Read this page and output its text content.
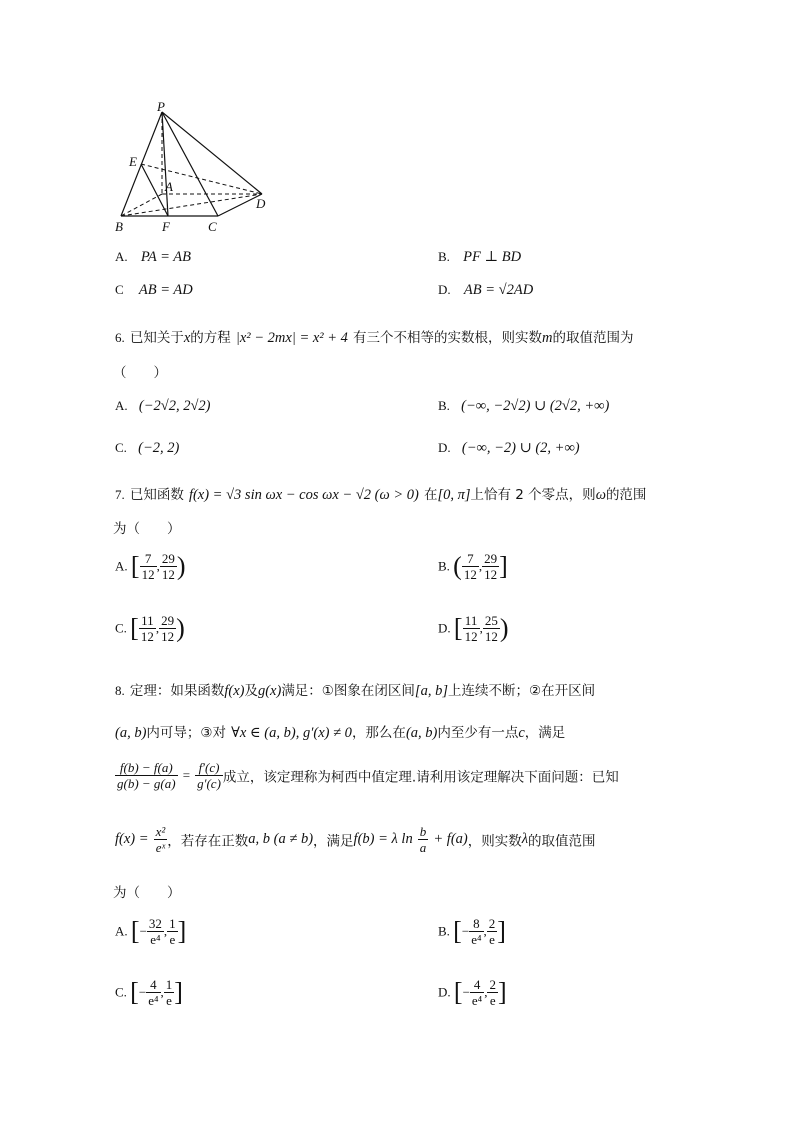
P
E
A
B	F	C
D
A. PA = AB	B. PF ⊥ BD
C AB = AD	D. AB = √2AD
6. 已知关于x的方程 |x² − 2mx| = x² + 4 有三个不相等的实数根，则实数m的取值范围为
（　　）
A. (−2√2, 2√2)	B. (−∞, −2√2) ∪ (2√2, +∞)
C. (−2, 2)	D. (−∞, −2) ∪ (2, +∞)
7. 已知函数 f(x) = √3 sin ωx − cos ωx − √2 (ω > 0) 在[0, π]上恰有 2 个零点，则ω的范围
为（　　）
A. [ $\frac{7}{12}$ , $\frac{29}{12}$ )	B. ( $\frac{7}{12}$ , $\frac{29}{12}$ ]
C. [ $\frac{11}{12}$ , $\frac{29}{12}$ )	D. [ $\frac{11}{12}$ , $\frac{25}{12}$ )
8. 定理：如果函数f(x)及g(x)满足：①图象在闭区间[a, b]上连续不断；②在开区间
(a, b)内可导；③对 ∀x ∈ (a, b), g′(x) ≠ 0，那么在(a, b)内至少有一点c，满足
$\frac{f(b) - f(a)}{g(b) - g(a)} = \frac{f'(c)}{g'(c)}$ 成立，该定理称为柯西中值定理.请利用该定理解决下面问题：已知
$f(x) = \frac{\text{x²}}{\text{eˣ}}$ ，若存在正数a, b (a ≠ b)，满足f(b) = λ $\ln \frac{b}{a} + f(a)$，则实数λ的取值范围
为（　　）
A. [− $\frac{32}{\text{e⁴}}$ , $\frac{1}{e}$ ]	B. [− $\frac{8}{\text{e⁴}}$ , $\frac{2}{e}$ ]
C. [− $\frac{4}{\text{e⁴}}$ , $\frac{1}{e}$ ]	D. [− $\frac{4}{\text{e⁴}}$ , $\frac{2}{e}$ ]
